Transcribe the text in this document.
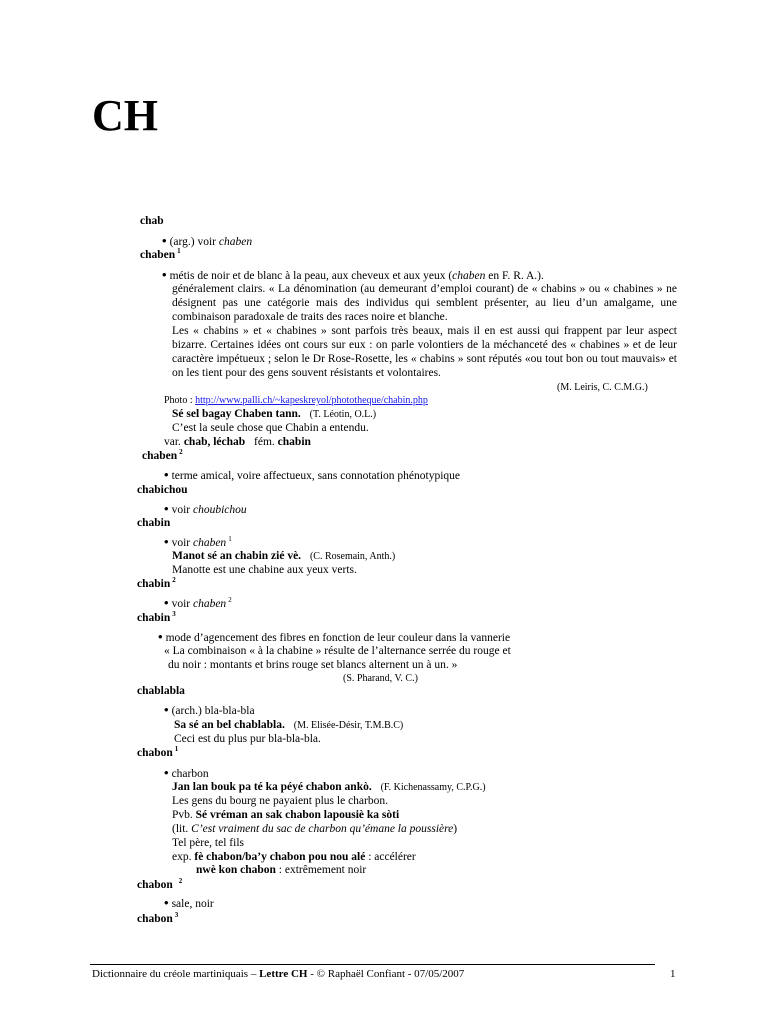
CH
chab
• (arg.) voir chaben
chaben $^1$
• métis de noir et de blanc à la peau, aux cheveux et aux yeux (chaben en F. R. A.).
généralement clairs. « La dénomination (au demeurant d’emploi courant) de « chabins » ou « chabines » ne désignent pas une catégorie mais des individus qui semblent présenter, au lieu d’un amalgame, une combinaison paradoxale de traits des races noire et blanche.
Les « chabins » et « chabines » sont parfois très beaux, mais il en est aussi qui frappent par leur aspect bizarre. Certaines idées ont cours sur eux : on parle volontiers de la méchanceté des « chabines » et de leur caractère impétueux ; selon le Dr Rose-Rosette, les « chabins » sont réputés «ou tout bon ou tout mauvais» et on les tient pour des gens souvent résistants et volontaires.
(M. Leiris, C. C.M.G.)
Photo : http://www.palli.ch/~kapeskreyol/phototheque/chabin.php
Sé sel bagay Chaben tann. (T. Léotin, O.L.)
C’est la seule chose que Chabin a entendu.
var. chab, léchab fém. chabin
chaben $^2$
• terme amical, voire affectueux, sans connotation phénotypique
chabichou
• voir choubichou
chabin
• voir chaben $^1$
Manot sé an chabin zié vè. (C. Rosemain, Anth.)
Manotte est une chabine aux yeux verts.
chabin $^2$
• voir chaben $^2$
chabin $^3$
• mode d’agencement des fibres en fonction de leur couleur dans la vannerie
« La combinaison « à la chabine » résulte de l’alternance serrée du rouge et
du noir : montants et brins rouge set blancs alternent un à un. »
(S. Pharand, V. C.)
chablabla
• (arch.) bla-bla-bla
Sa sé an bel chablabla. (M. Elisée-Désir, T.M.B.C)
Ceci est du plus pur bla-bla-bla.
chabon $^1$
• charbon
Jan lan bouk pa té ka péyé chabon ankò. (F. Kichenassamy, C.P.G.)
Les gens du bourg ne payaient plus le charbon.
Pvb. Sé vréman an sak chabon lapousiè ka sòti
(lit. C’est vraiment du sac de charbon qu’émane la poussière)
Tel père, tel fils
exp. fè chabon/ba’y chabon pou nou alé : accélérer
nwè kon chabon : extrêmement noir
chabon $^2$
• sale, noir
chabon $^3$
Dictionnaire du créole martiniquais – Lettre CH - © Raphaël Confiant - 07/05/2007	1
